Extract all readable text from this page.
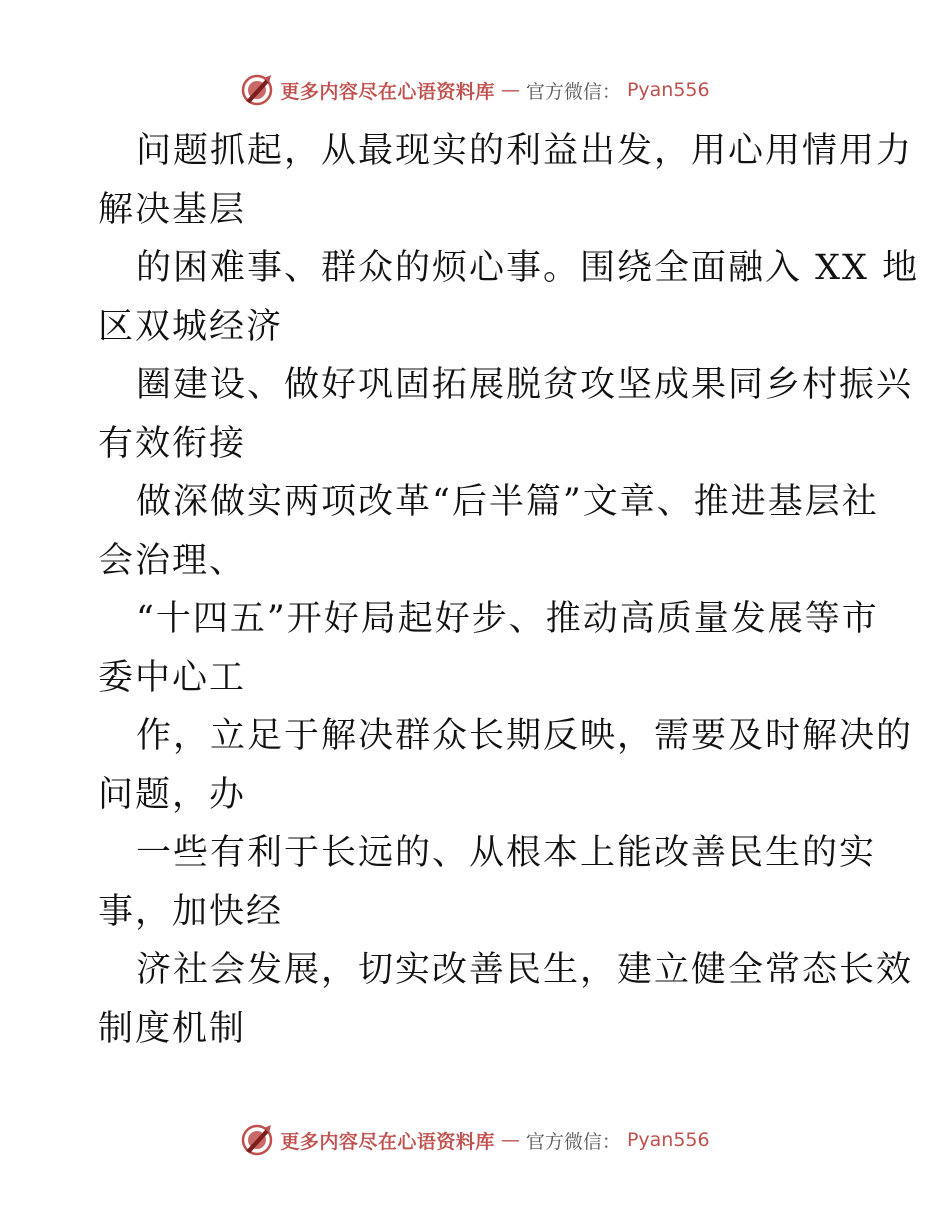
更多内容尽在心语资料库 — 官方微信： Pyan556
问题抓起，从最现实的利益出发，用心用情用力
解决基层
的困难事、群众的烦心事。围绕全面融入 XX 地
区双城经济
圈建设、做好巩固拓展脱贫攻坚成果同乡村振兴
有效衔接
做深做实两项改革“后半篇”文章、推进基层社
会治理、
“十四五”开好局起好步、推动高质量发展等市
委中心工
作，立足于解决群众长期反映，需要及时解决的
问题，办
一些有利于长远的、从根本上能改善民生的实
事，加快经
济社会发展，切实改善民生，建立健全常态长效
制度机制
更多内容尽在心语资料库 — 官方微信： Pyan556
